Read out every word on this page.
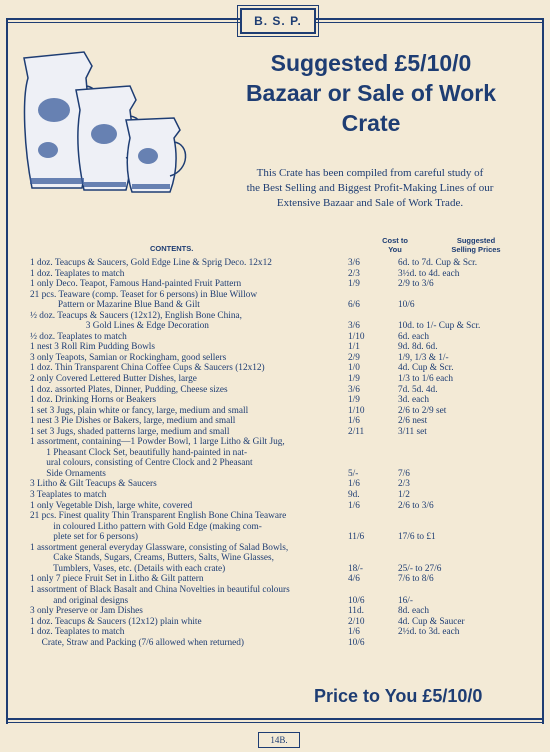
B. S. P.
Suggested £5/10/0
Bazaar or Sale of Work
Crate
This Crate has been compiled from careful study of
the Best Selling and Biggest Profit-Making Lines of our
Extensive Bazaar and Sale of Work Trade.
CONTENTS.
Cost to
You
Suggested
Selling Prices
1 doz. Teacups & Saucers, Gold Edge Line & Sprig Deco. 12x12	3/6	6d. to 7d. Cup & Scr.
1 doz. Teaplates to match	2/3	3½d. to 4d. each
1 only Deco. Teapot, Famous Hand-painted Fruit Pattern	1/9	2/9 to 3/6
21 pcs. Teaware (comp. Teaset for 6 persons) in Blue Willow
Pattern or Mazarine Blue Band & Gilt	6/6	10/6
½ doz. Teacups & Saucers (12x12), English Bone China,
3 Gold Lines & Edge Decoration	3/6	10d. to 1/- Cup & Scr.
½ doz. Teaplates to match	1/10	6d. each
1 nest 3 Roll Rim Pudding Bowls	1/1	9d. 8d. 6d.
3 only Teapots, Samian or Rockingham, good sellers	2/9	1/9, 1/3 & 1/-
1 doz. Thin Transparent China Coffee Cups & Saucers (12x12)	1/0	4d. Cup & Scr.
2 only Covered Lettered Butter Dishes, large	1/9	1/3 to 1/6 each
1 doz. assorted Plates, Dinner, Pudding, Cheese sizes	3/6	7d. 5d. 4d.
1 doz. Drinking Horns or Beakers	1/9	3d. each
1 set 3 Jugs, plain white or fancy, large, medium and small	1/10	2/6 to 2/9 set
1 nest 3 Pie Dishes or Bakers, large, medium and small	1/6	2/6 nest
1 set 3 Jugs, shaded patterns large, medium and small	2/11	3/11 set
1 assortment, containing—1 Powder Bowl, 1 large Litho & Gilt Jug,
1 Pheasant Clock Set, beautifully hand-painted in nat-
ural colours, consisting of Centre Clock and 2 Pheasant
Side Ornaments	5/-	7/6
3 Litho & Gilt Teacups & Saucers	1/6	2/3
3 Teaplates to match	9d.	1/2
1 only Vegetable Dish, large white, covered	1/6	2/6 to 3/6
21 pcs. Finest quality Thin Transparent English Bone China Teaware
in coloured Litho pattern with Gold Edge (making com-
plete set for 6 persons)	11/6	17/6 to £1
1 assortment general everyday Glassware, consisting of Salad Bowls,
Cake Stands, Sugars, Creams, Butters, Salts, Wine Glasses,
Tumblers, Vases, etc. (Details with each crate)	18/-	25/- to 27/6
1 only 7 piece Fruit Set in Litho & Gilt pattern	4/6	7/6 to 8/6
1 assortment of Black Basalt and China Novelties in beautiful colours
and original designs	10/6	16/-
3 only Preserve or Jam Dishes	11d.	8d. each
1 doz. Teacups & Saucers (12x12) plain white	2/10	4d. Cup & Saucer
1 doz. Teaplates to match	1/6	2½d. to 3d. each
Crate, Straw and Packing (7/6 allowed when returned)	10/6
Price to You £5/10/0
14B.
